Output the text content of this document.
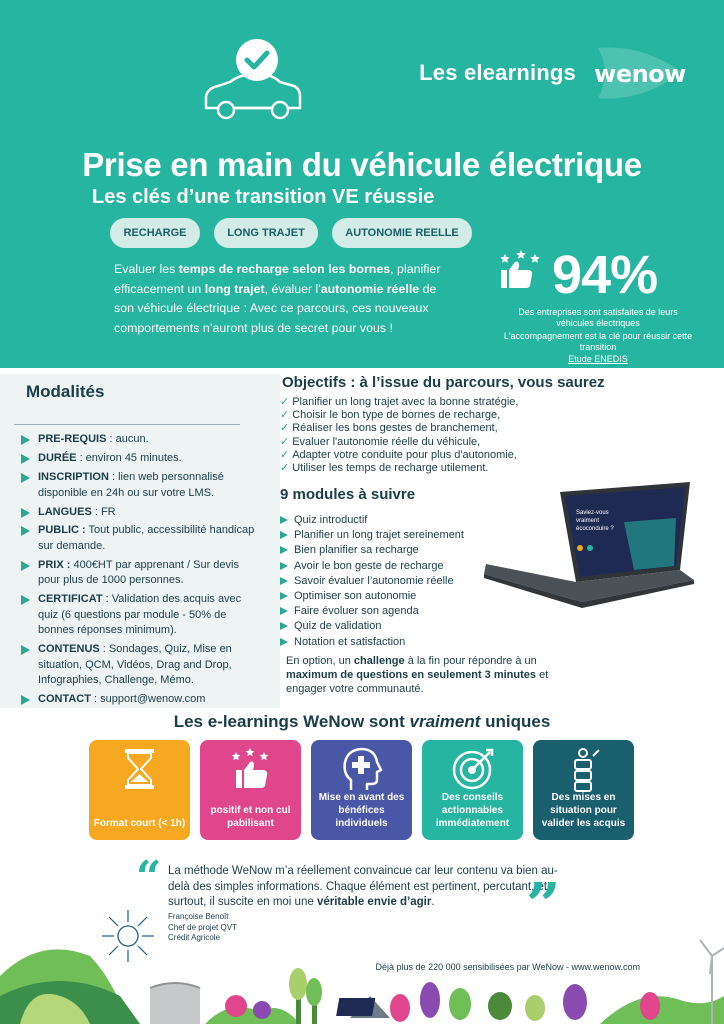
Les elearnings wenow
Prise en main du véhicule électrique
Les clés d’une transition VE réussie
RECHARGE	LONG TRAJET	AUTONOMIE REELLE
Evaluer les temps de recharge selon les bornes, planifier efficacement un long trajet, évaluer l'autonomie réelle de son véhicule électrique : Avec ce parcours, ces nouveaux comportements n’auront plus de secret pour vous !
94%
Des entreprises sont satisfaites de leurs véhicules électriques
L'accompagnement est la clé pour réussir cette transition
Etude ENEDIS
Modalités
PRE-REQUIS : aucun.
DURÉE : environ 45 minutes.
INSCRIPTION : lien web personnalisé disponible en 24h ou sur votre LMS.
LANGUES : FR
PUBLIC : Tout public, accessibilité handicap sur demande.
PRIX : 400€HT par apprenant / Sur devis pour plus de 1000 personnes.
CERTIFICAT : Validation des acquis avec quiz (6 questions par module - 50% de bonnes réponses minimum).
CONTENUS : Sondages, Quiz, Mise en situation, QCM, Vidéos, Drag and Drop, Infographies, Challenge, Mémo.
CONTACT : support@wenow.com
Objectifs : à l’issue du parcours, vous saurez
✓ Planifier un long trajet avec la bonne stratégie,
✓ Choisir le bon type de bornes de recharge,
✓ Réaliser les bons gestes de branchement,
✓ Evaluer l'autonomie réelle du véhicule,
✓ Adapter votre conduite pour plus d'autonomie,
✓ Utiliser les temps de recharge utilement.
9 modules à suivre
Quiz introductif
Planifier un long trajet sereinement
Bien planifier sa recharge
Avoir le bon geste de recharge
Savoir évaluer l’autonomie réelle
Optimiser son autonomie
Faire évoluer son agenda
Quiz de validation
Notation et satisfaction
Saviez-vous
vraiment
écoconduire ?
En option, un challenge à la fin pour répondre à un maximum de questions en seulement 3 minutes et engager votre communauté.
Les e-learnings WeNow sont vraiment uniques
Format court (< 1h)
positif et non cul pabilisant
Mise en avant des bénéfices individuels
Des conseils actionnables immédiatement
Des mises en situation pour valider les acquis
“ La méthode WeNow m’a réellement convaincue car leur contenu va bien au-delà des simples informations. Chaque élément est pertinent, percutant, et surtout, il suscite en moi une véritable envie d’agir.	”
Françoise Benoît
Chef de projet QVT
Crédit Agricole
Déjà plus de 220 000 sensibilisées par WeNow - www.wenow.com
